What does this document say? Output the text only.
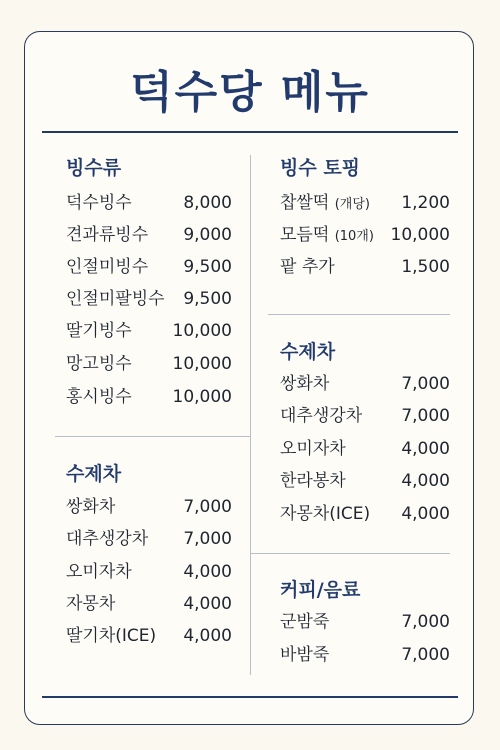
덕수당 메뉴
빙수류
덕수빙수	8,000
견과류빙수 9,000
인절미빙수 9,500
인절미팔빙수 9,500
딸기빙수 10,000
망고빙수 10,000
홍시빙수 10,000
수제차
쌍화차	7,000
대추생강차 7,000
오미자차	4,000
자몽차	4,000
딸기차(ICE) 4,000
빙수 토핑
찹쌀떡 (개당) 1,200
모듬떡 (10개) 10,000
팥 추가	1,500
수제차
쌍화차	7,000
대추생강차 7,000
오미자차	4,000
한라봉차	4,000
자몽차(ICE) 4,000
커피/음료
군밤죽	7,000
바밤죽	7,000
